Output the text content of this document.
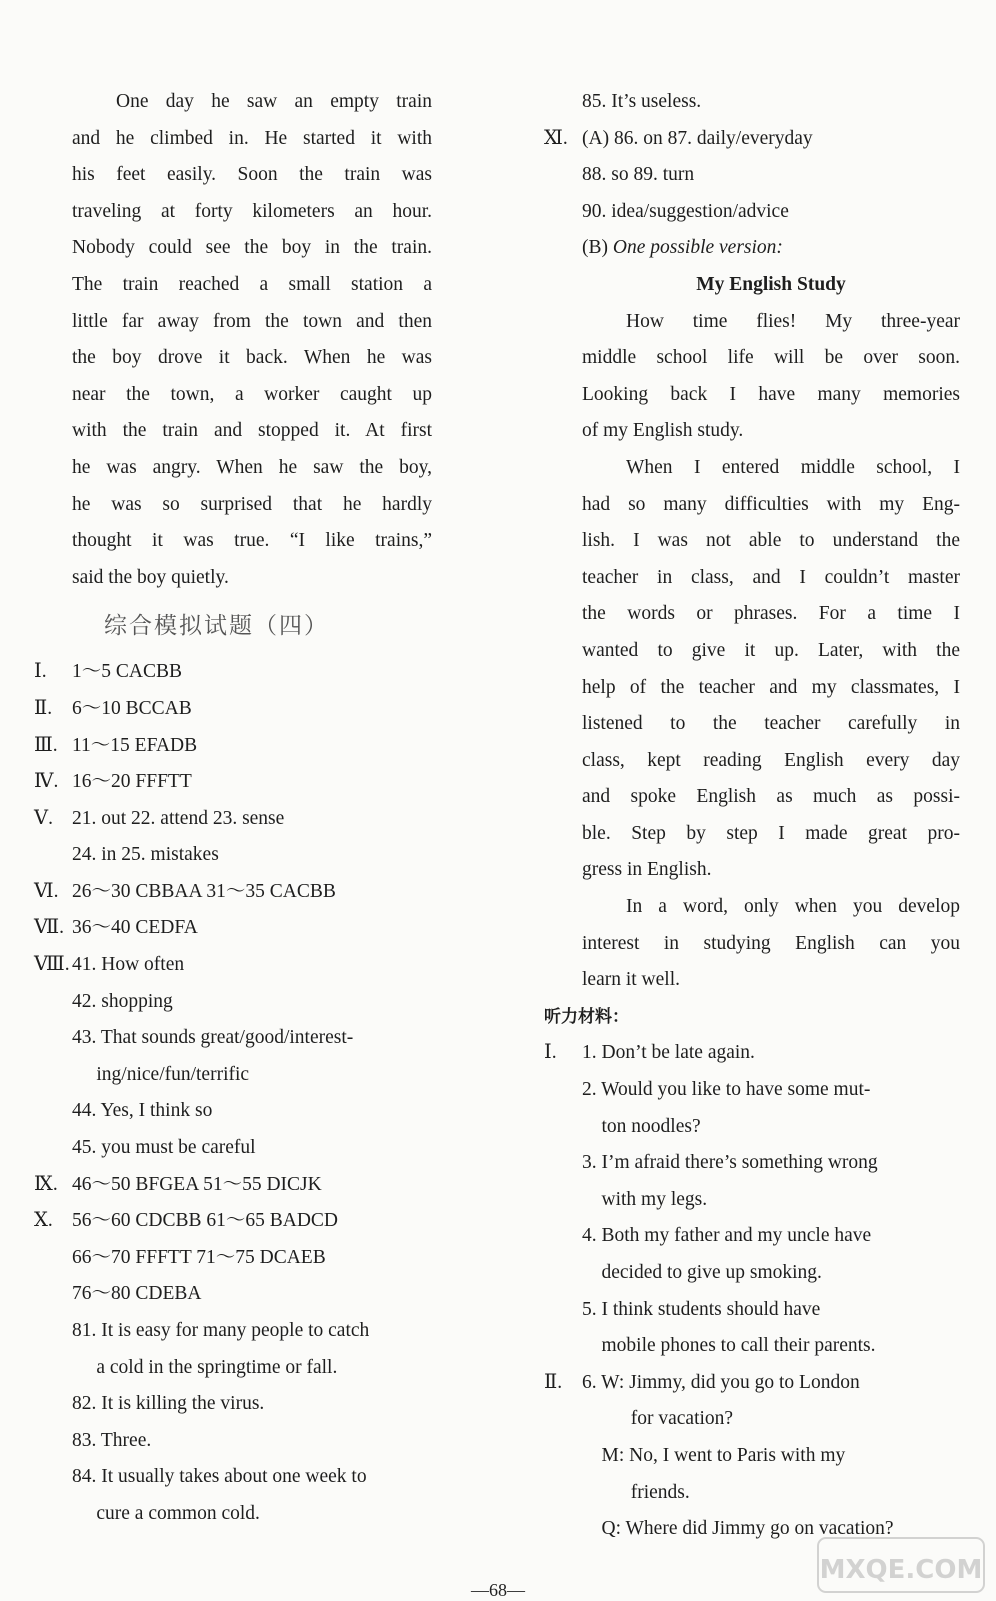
One day he saw an empty train
and he climbed in. He started it with
his feet easily. Soon the train was
traveling at forty kilometers an hour.
Nobody could see the boy in the train.
The train reached a small station a
little far away from the town and then
the boy drove it back. When he was
near the town, a worker caught up
with the train and stopped it. At first
he was angry. When he saw the boy,
he was so surprised that he hardly
thought it was true. “I like trains,”
said the boy quietly.
综合模拟试题（四）
Ⅰ. 1～5 CACBB
Ⅱ. 6～10 BCCAB
Ⅲ. 11～15 EFADB
Ⅳ. 16～20 FFFTT
Ⅴ. 21. out 22. attend 23. sense
24. in 25. mistakes
Ⅵ. 26～30 CBBAA 31～35 CACBB
Ⅶ. 36～40 CEDFA
Ⅷ. 41. How often
42. shopping
43. That sounds great/good/interest-
ing/nice/fun/terrific
44. Yes, I think so
45. you must be careful
Ⅸ. 46～50 BFGEA 51～55 DICJK
Ⅹ. 56～60 CDCBB 61～65 BADCD
66～70 FFFTT 71～75 DCAEB
76～80 CDEBA
81. It is easy for many people to catch
a cold in the springtime or fall.
82. It is killing the virus.
83. Three.
84. It usually takes about one week to
cure a common cold.
85. It’s useless.
Ⅺ. (A) 86. on 87. daily/everyday
88. so 89. turn
90. idea/suggestion/advice
(B) One possible version:
My English Study
How time flies! My three-year
middle school life will be over soon.
Looking back I have many memories
of my English study.
When I entered middle school, I
had so many difficulties with my Eng-
lish. I was not able to understand the
teacher in class, and I couldn’t master
the words or phrases. For a time I
wanted to give it up. Later, with the
help of the teacher and my classmates, I
listened to the teacher carefully in
class, kept reading English every day
and spoke English as much as possi-
ble. Step by step I made great pro-
gress in English.
In a word, only when you develop
interest in studying English can you
learn it well.
听力材料：
Ⅰ. 1. Don’t be late again.
2. Would you like to have some mut-
ton noodles?
3. I’m afraid there’s something wrong
with my legs.
4. Both my father and my uncle have
decided to give up smoking.
5. I think students should have
mobile phones to call their parents.
Ⅱ. 6. W: Jimmy, did you go to London
for vacation?
M: No, I went to Paris with my
friends.
Q: Where did Jimmy go on vacation?
—68—
MXQE.COM
